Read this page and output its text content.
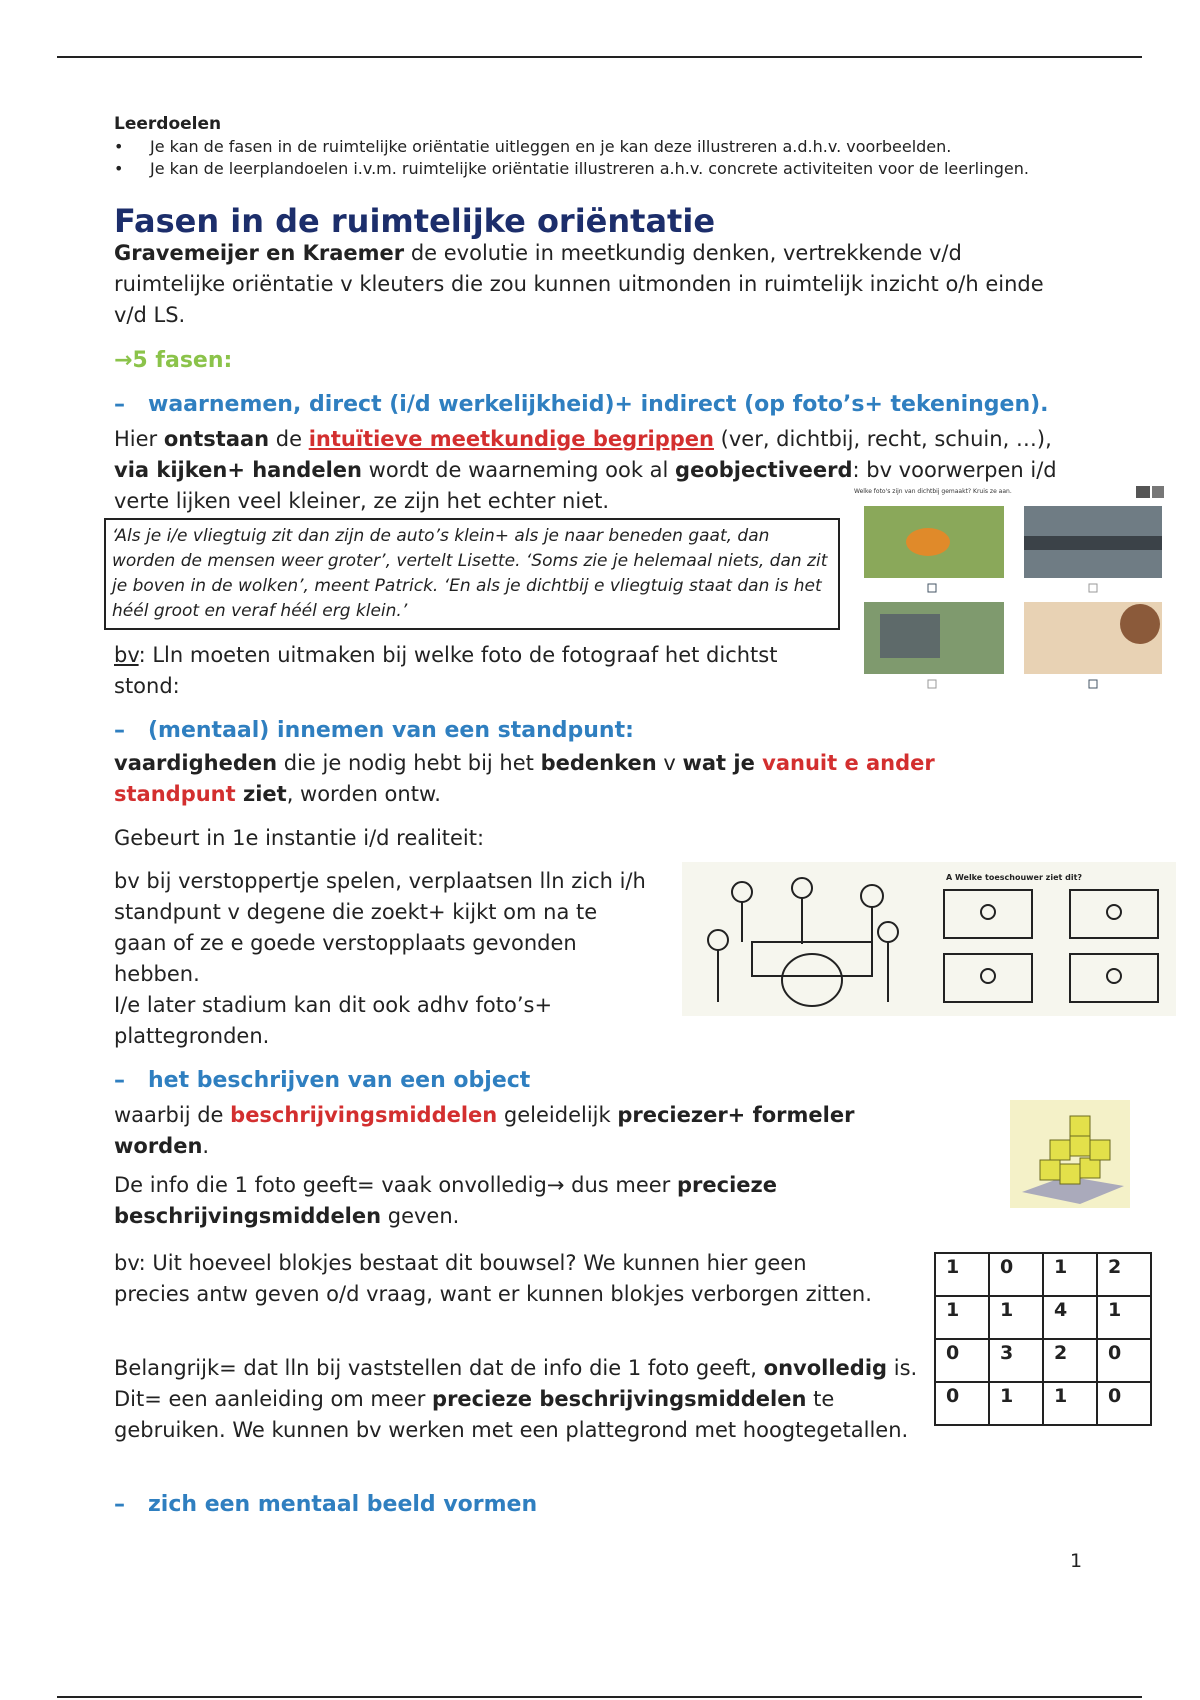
Leerdoelen
• Je kan de fasen in de ruimtelijke oriëntatie uitleggen en je kan deze illustreren a.d.h.v. voorbeelden.
• Je kan de leerplandoelen i.v.m. ruimtelijke oriëntatie illustreren a.h.v. concrete activiteiten voor de leerlingen.
Fasen in de ruimtelijke oriëntatie
Gravemeijer en Kraemer de evolutie in meetkundig denken, vertrekkende v/d ruimtelijke oriëntatie v kleuters die zou kunnen uitmonden in ruimtelijk inzicht o/h einde v/d LS.
→5 fasen:
– waarnemen, direct (i/d werkelijkheid)+ indirect (op foto’s+ tekeningen).
Hier ontstaan de intuïtieve meetkundige begrippen (ver, dichtbij, recht, schuin, …), via kijken+ handelen wordt de waarneming ook al geobjectiveerd: bv voorwerpen i/d verte lijken veel kleiner, ze zijn het echter niet.	Welke foto's zijn van dichtbij gemaakt? Kruis ze aan.
‘Als je i/e vliegtuig zit dan zijn de auto’s klein+ als je naar beneden gaat, dan worden de mensen weer groter’, vertelt Lisette. ‘Soms zie je helemaal niets, dan zit je boven in de wolken’, meent Patrick. ‘En als je dichtbij e vliegtuig staat dan is het héél groot en veraf héél erg klein.’
bv: Lln moeten uitmaken bij welke foto de fotograaf het dichtst stond:
– (mentaal) innemen van een standpunt:
vaardigheden die je nodig hebt bij het bedenken v wat je vanuit e ander standpunt ziet, worden ontw.
Gebeurt in 1e instantie i/d realiteit:
bv bij verstoppertje spelen, verplaatsen lln zich i/h standpunt v degene die zoekt+ kijkt om na te gaan of ze e goede verstopplaats gevonden hebben.
I/e later stadium kan dit ook adhv foto’s+ plattegronden.
A Welke toeschouwer ziet dit?
– het beschrijven van een object
waarbij de beschrijvingsmiddelen geleidelijk preciezer+ formeler worden.
De info die 1 foto geeft= vaak onvolledig→ dus meer precieze beschrijvingsmiddelen geven.
bv: Uit hoeveel blokjes bestaat dit bouwsel? We kunnen hier geen precies antw geven o/d vraag, want er kunnen blokjes verborgen zitten.
Belangrijk= dat lln bij vaststellen dat de info die 1 foto geeft, onvolledig is. Dit= een aanleiding om meer precieze beschrijvingsmiddelen te gebruiken. We kunnen bv werken met een plattegrond met hoogtegetallen.
1	0	1	2
1	1	4	1
0	3	2	0
0	1	1	0
– zich een mentaal beeld vormen
1
